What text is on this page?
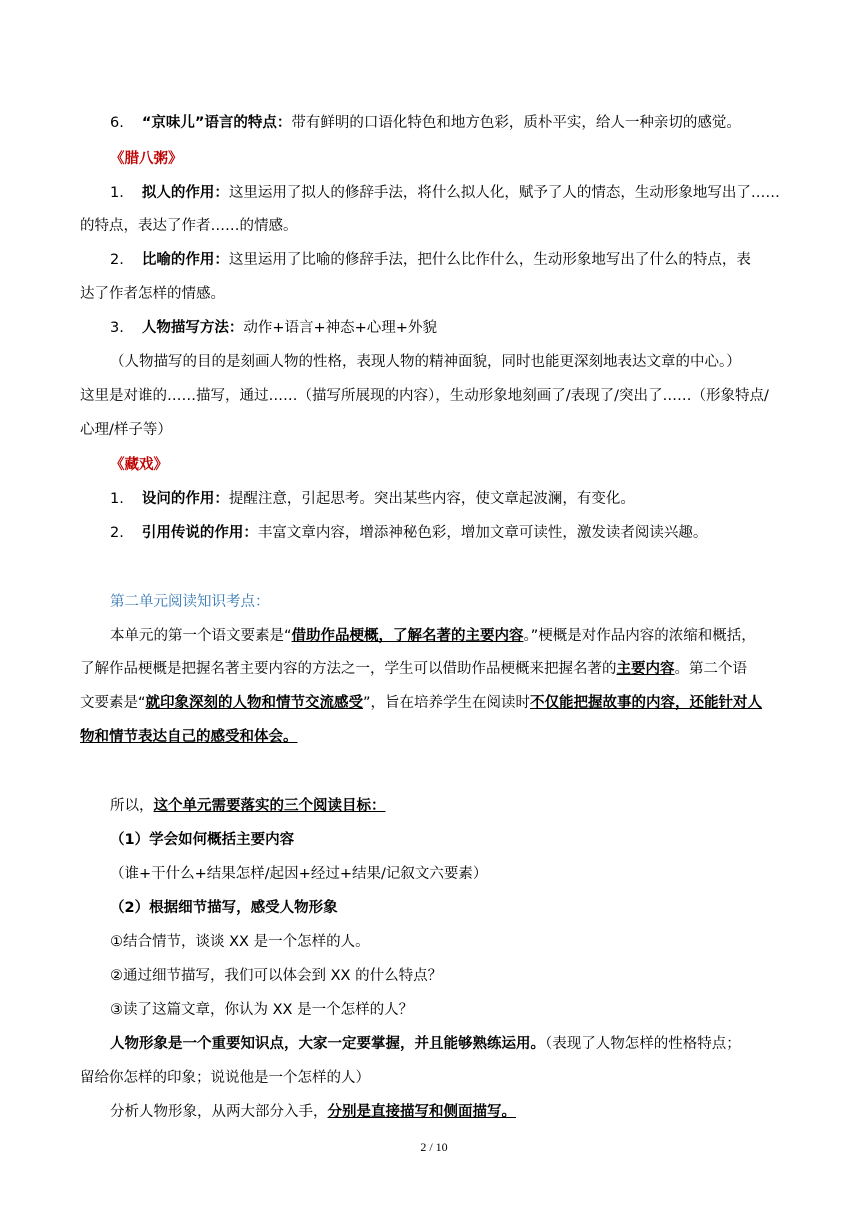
6. “京味儿”语言的特点：带有鲜明的口语化特色和地方色彩，质朴平实，给人一种亲切的感觉。
《腊八粥》
1. 拟人的作用：这里运用了拟人的修辞手法，将什么拟人化，赋予了人的情态，生动形象地写出了……
的特点，表达了作者……的情感。
2. 比喻的作用：这里运用了比喻的修辞手法，把什么比作什么，生动形象地写出了什么的特点，表
达了作者怎样的情感。
3. 人物描写方法：动作+语言+神态+心理+外貌
（人物描写的目的是刻画人物的性格，表现人物的精神面貌，同时也能更深刻地表达文章的中心。）
这里是对谁的……描写，通过……（描写所展现的内容），生动形象地刻画了/表现了/突出了……（形象特点/
心理/样子等）
《藏戏》
1. 设问的作用：提醒注意，引起思考。突出某些内容，使文章起波澜，有变化。
2. 引用传说的作用：丰富文章内容，增添神秘色彩，增加文章可读性，激发读者阅读兴趣。
第二单元阅读知识考点：
本单元的第一个语文要素是“借助作品梗概，了解名著的主要内容。”梗概是对作品内容的浓缩和概括，
了解作品梗概是把握名著主要内容的方法之一，学生可以借助作品梗概来把握名著的主要内容。第二个语
文要素是“就印象深刻的人物和情节交流感受”，旨在培养学生在阅读时不仅能把握故事的内容，还能针对人
物和情节表达自己的感受和体会。
所以，这个单元需要落实的三个阅读目标：
（1）学会如何概括主要内容
（谁+干什么+结果怎样/起因+经过+结果/记叙文六要素）
（2）根据细节描写，感受人物形象
①结合情节，谈谈 XX 是一个怎样的人。
②通过细节描写，我们可以体会到 XX 的什么特点？
③读了这篇文章，你认为 XX 是一个怎样的人？
人物形象是一个重要知识点，大家一定要掌握，并且能够熟练运用。（表现了人物怎样的性格特点；
留给你怎样的印象；说说他是一个怎样的人）
分析人物形象，从两大部分入手，分别是直接描写和侧面描写。
2 / 10
